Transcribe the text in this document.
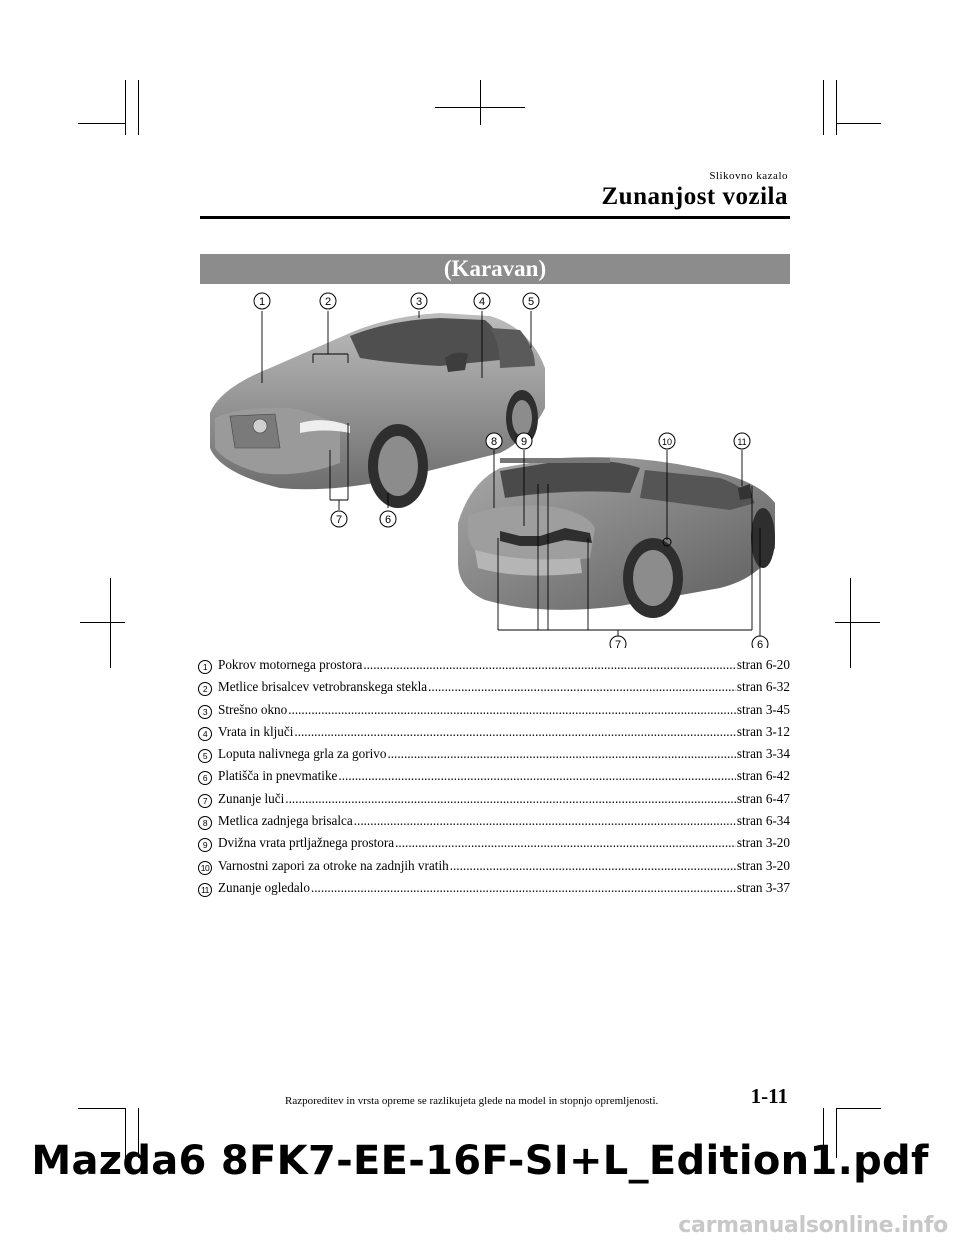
Slikovno kazalo
Zunanjost vozila
(Karavan)
1	2	3	4	5
8 9	10	11
7	6
7	6
1 Pokrov motornega prostora .....	stran 6-20
2 Metlice brisalcev vetrobranskega stekla .....	stran 6-32
3 Strešno okno .....	stran 3-45
4 Vrata in ključi .....	stran 3-12
5 Loputa nalivnega grla za gorivo .....	stran 3-34
6 Platišča in pnevmatike .....	stran 6-42
7 Zunanje luči .....	stran 6-47
8 Metlica zadnjega brisalca .....	stran 6-34
9 Dvižna vrata prtljažnega prostora .....	stran 3-20
10 Varnostni zapori za otroke na zadnjih vratih .....	stran 3-20
11 Zunanje ogledalo .....	stran 3-37
Razporeditev in vrsta opreme se razlikujeta glede na model in stopnjo opremljenosti.	1-11
Mazda6 8FK7-EE-16F-SI+L_Edition1.pdf
carmanualsonline.info
